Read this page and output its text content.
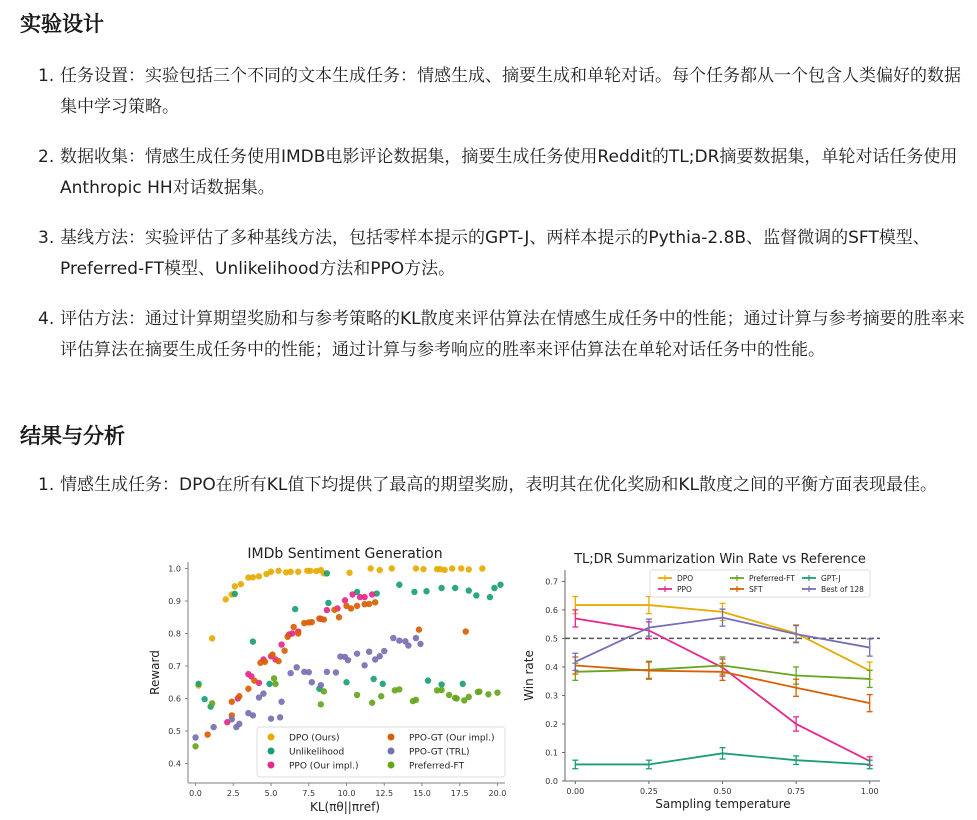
实验设计
1. 任务设置：实验包括三个不同的文本生成任务：情感生成、摘要生成和单轮对话。每个任务都从一个包含人类偏好的数据集中学习策略。
2. 数据收集：情感生成任务使用IMDB电影评论数据集，摘要生成任务使用Reddit的TL;DR摘要数据集，单轮对话任务使用Anthropic HH对话数据集。
3. 基线方法：实验评估了多种基线方法，包括零样本提示的GPT-J、两样本提示的Pythia-2.8B、监督微调的SFT模型、Preferred-FT模型、Unlikelihood方法和PPO方法。
4. 评估方法：通过计算期望奖励和与参考策略的KL散度来评估算法在情感生成任务中的性能；通过计算与参考摘要的胜率来评估算法在摘要生成任务中的性能；通过计算与参考响应的胜率来评估算法在单轮对话任务中的性能。
结果与分析
1. 情感生成任务：DPO在所有KL值下均提供了最高的期望奖励，表明其在优化奖励和KL散度之间的平衡方面表现最佳。
IMDb Sentiment Generation
0.4
0.5
0.6
0.7
0.8
0.9
1.0
0.0	2.5	5.0	7.5	10.0 12.5 15.0 17.5 20.0
KL(πθ||πref)
Reward
DPO (Ours)
Unlikelihood
PPO (Our impl.)
PPO-GT (Our impl.)
PPO-GT (TRL)
Preferred-FT
TL;DR Summarization Win Rate vs Reference
0.0
0.1
0.2
0.3
0.4
0.5
0.6
0.7
0.00	0.25	0.50	0.75	1.00
Sampling temperature
Win rate
DPO
PPO
Preferred-FT
SFT
GPT-J
Best of 128
